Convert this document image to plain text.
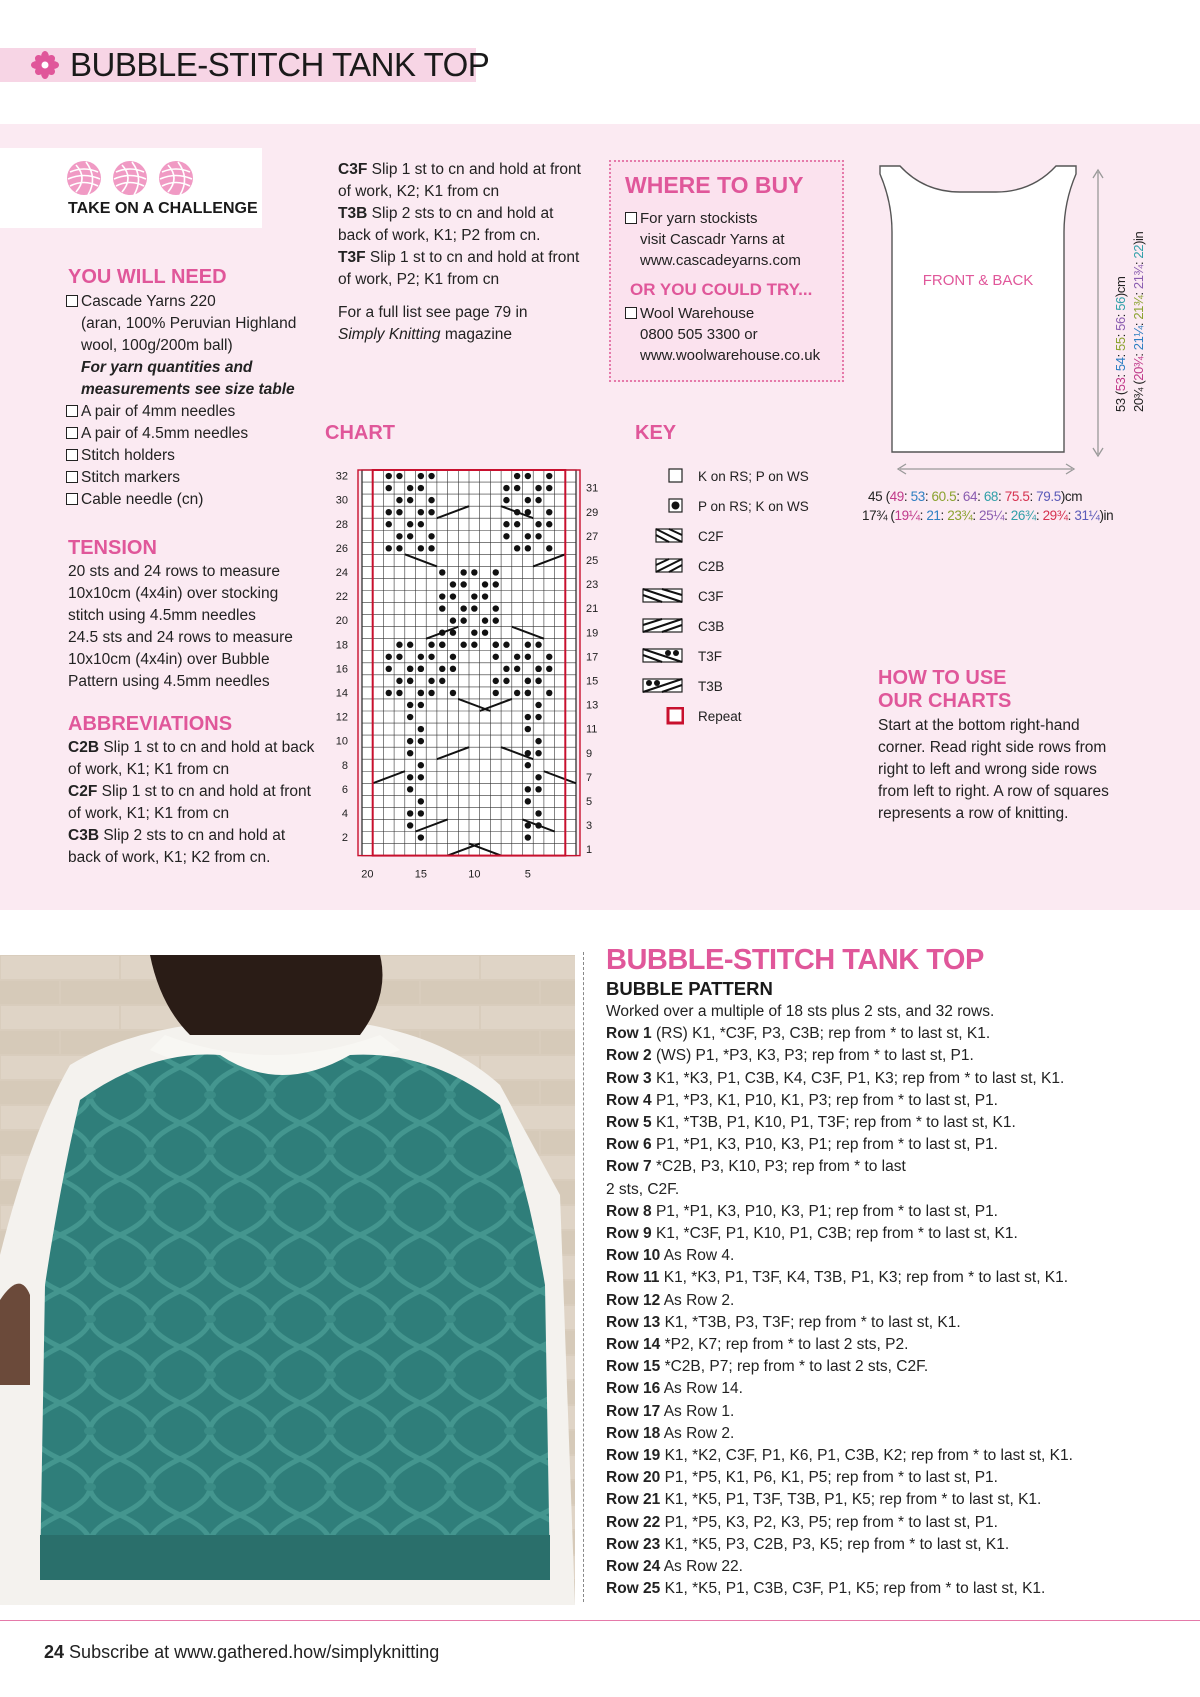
BUBBLE-STITCH TANK TOP
TAKE ON A CHALLENGE
YOU WILL NEED
Cascade Yarns 220
(aran, 100% Peruvian Highland
wool, 100g/200m ball)
For yarn quantities and
measurements see size table
A pair of 4mm needles
A pair of 4.5mm needles
Stitch holders
Stitch markers
Cable needle (cn)
TENSION
20 sts and 24 rows to measure
10x10cm (4x4in) over stocking
stitch using 4.5mm needles
24.5 sts and 24 rows to measure
10x10cm (4x4in) over Bubble
Pattern using 4.5mm needles
ABBREVIATIONS
C2B Slip 1 st to cn and hold at back
of work, K1; K1 from cn
C2F Slip 1 st to cn and hold at front
of work, K1; K1 from cn
C3B Slip 2 sts to cn and hold at
back of work, K1; K2 from cn.
C3F Slip 1 st to cn and hold at front
of work, K2; K1 from cn
T3B Slip 2 sts to cn and hold at
back of work, K1; P2 from cn.
T3F Slip 1 st to cn and hold at front
of work, P2; K1 from cn
For a full list see page 79 in
Simply Knitting magazine
WHERE TO BUY
For yarn stockists
visit Cascadr Yarns at
www.cascadeyarns.com
OR YOU COULD TRY...
Wool Warehouse
0800 505 3300 or
www.woolwarehouse.co.uk
FRONT & BACK
53 (53: 54: 55: 56: 56)cm
20¾ (20¾: 21¼: 21¾: 21¾: 22)in
45 (49: 53: 60.5: 64: 68: 75.5: 79.5)cm
17¾ (19¼: 21: 23¾: 25¼: 26¾: 29¾: 31¼)in
CHART
32
30
28
26
24
22
20
18
16
14
12
10
8
6
4
2
31
29
27
25
23
21
19
17
15
13
11
9
7
5
3
1
20	15	10	5
KEY
K on RS; P on WS
P on RS; K on WS
C2F
C2B
C3F
C3B
T3F
T3B
Repeat
HOW TO USE
OUR CHARTS
Start at the bottom right-hand
corner. Read right side rows from
right to left and wrong side rows
from left to right. A row of squares
represents a row of knitting.
BUBBLE-STITCH TANK TOP
BUBBLE PATTERN
Worked over a multiple of 18 sts plus 2 sts, and 32 rows.
Row 1 (RS) K1, *C3F, P3, C3B; rep from * to last st, K1.
Row 2 (WS) P1, *P3, K3, P3; rep from * to last st, P1.
Row 3 K1, *K3, P1, C3B, K4, C3F, P1, K3; rep from * to last st, K1.
Row 4 P1, *P3, K1, P10, K1, P3; rep from * to last st, P1.
Row 5 K1, *T3B, P1, K10, P1, T3F; rep from * to last st, K1.
Row 6 P1, *P1, K3, P10, K3, P1; rep from * to last st, P1.
Row 7 *C2B, P3, K10, P3; rep from * to last
2 sts, C2F.
Row 8 P1, *P1, K3, P10, K3, P1; rep from * to last st, P1.
Row 9 K1, *C3F, P1, K10, P1, C3B; rep from * to last st, K1.
Row 10 As Row 4.
Row 11 K1, *K3, P1, T3F, K4, T3B, P1, K3; rep from * to last st, K1.
Row 12 As Row 2.
Row 13 K1, *T3B, P3, T3F; rep from * to last st, K1.
Row 14 *P2, K7; rep from * to last 2 sts, P2.
Row 15 *C2B, P7; rep from * to last 2 sts, C2F.
Row 16 As Row 14.
Row 17 As Row 1.
Row 18 As Row 2.
Row 19 K1, *K2, C3F, P1, K6, P1, C3B, K2; rep from * to last st, K1.
Row 20 P1, *P5, K1, P6, K1, P5; rep from * to last st, P1.
Row 21 K1, *K5, P1, T3F, T3B, P1, K5; rep from * to last st, K1.
Row 22 P1, *P5, K3, P2, K3, P5; rep from * to last st, P1.
Row 23 K1, *K5, P3, C2B, P3, K5; rep from * to last st, K1.
Row 24 As Row 22.
Row 25 K1, *K5, P1, C3B, C3F, P1, K5; rep from * to last st, K1.
24 Subscribe at www.gathered.how/simplyknitting
